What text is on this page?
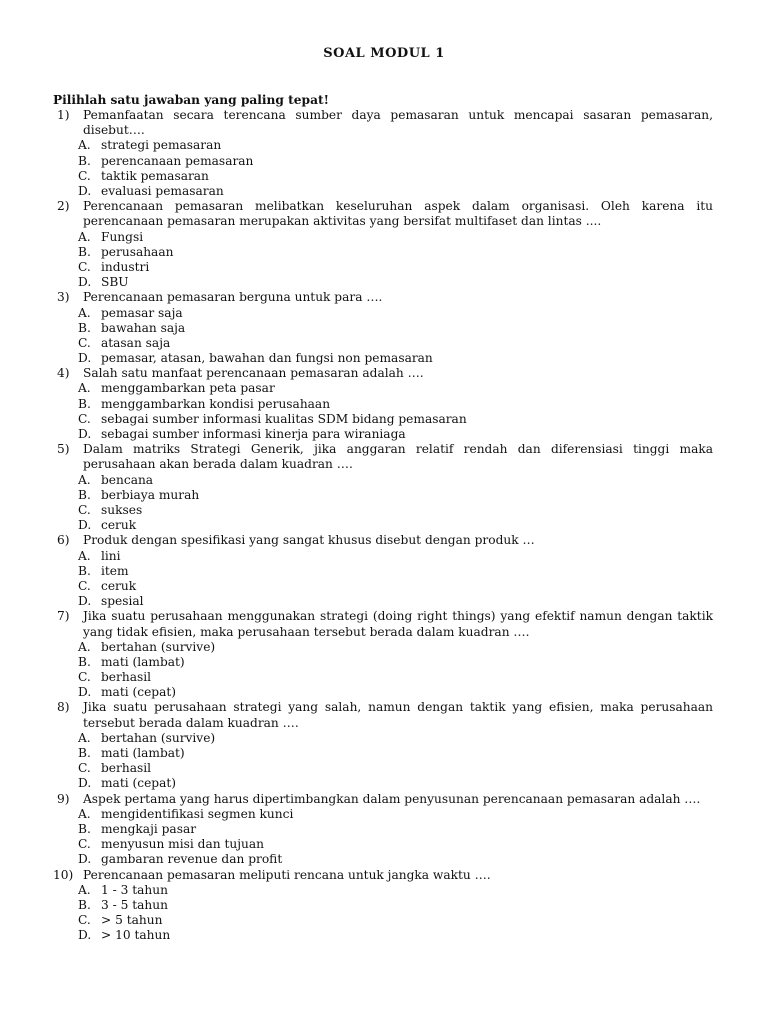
SOAL MODUL 1
Pilihlah satu jawaban yang paling tepat!
1)	Pemanfaatan secara terencana sumber daya pemasaran untuk mencapai sasaran pemasaran, disebut….
A. strategi pemasaran
B. perencanaan pemasaran
C. taktik pemasaran
D. evaluasi pemasaran
2)	Perencanaan pemasaran melibatkan keseluruhan aspek dalam organisasi. Oleh karena itu perencanaan pemasaran merupakan aktivitas yang bersifat multifaset dan lintas ....
A. Fungsi
B. perusahaan
C. industri
D. SBU
3)	Perencanaan pemasaran berguna untuk para ….
A. pemasar saja
B. bawahan saja
C. atasan saja
D. pemasar, atasan, bawahan dan fungsi non pemasaran
4)	Salah satu manfaat perencanaan pemasaran adalah ….
A. menggambarkan peta pasar
B. menggambarkan kondisi perusahaan
C. sebagai sumber informasi kualitas SDM bidang pemasaran
D. sebagai sumber informasi kinerja para wiraniaga
5)	Dalam matriks Strategi Generik, jika anggaran relatif rendah dan diferensiasi tinggi maka perusahaan akan berada dalam kuadran ….
A. bencana
B. berbiaya murah
C. sukses
D. ceruk
6)	Produk dengan spesifikasi yang sangat khusus disebut dengan produk …
A. lini
B. item
C. ceruk
D. spesial
7)	Jika suatu perusahaan menggunakan strategi (doing right things) yang efektif namun dengan taktik yang tidak efisien, maka perusahaan tersebut berada dalam kuadran ….
A. bertahan (survive)
B. mati (lambat)
C. berhasil
D. mati (cepat)
8)	Jika suatu perusahaan strategi yang salah, namun dengan taktik yang efisien, maka perusahaan tersebut berada dalam kuadran ….
A. bertahan (survive)
B. mati (lambat)
C. berhasil
D. mati (cepat)
9)	Aspek pertama yang harus dipertimbangkan dalam penyusunan perencanaan pemasaran adalah ….
A. mengidentifikasi segmen kunci
B. mengkaji pasar
C. menyusun misi dan tujuan
D. gambaran revenue dan profit
10) Perencanaan pemasaran meliputi rencana untuk jangka waktu ….
A. 1 - 3 tahun
B. 3 - 5 tahun
C. > 5 tahun
D. > 10 tahun
